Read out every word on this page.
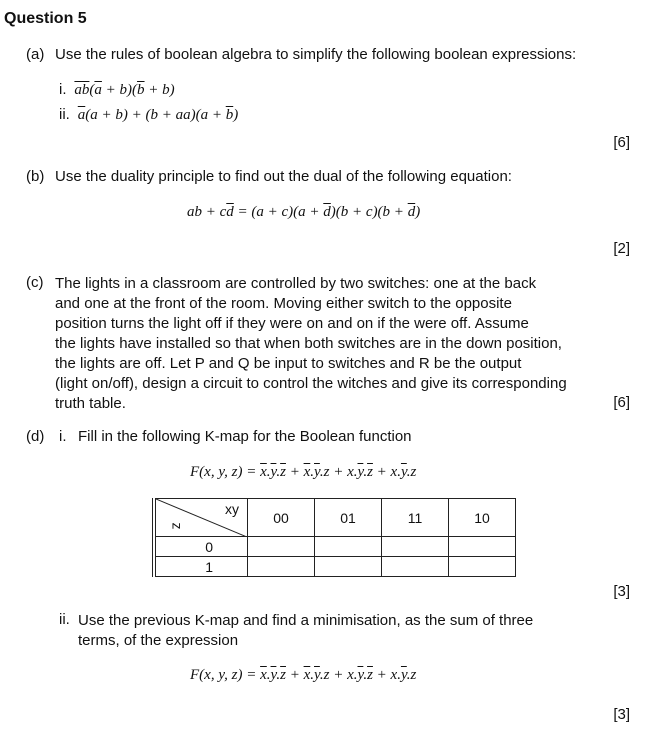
Question 5
(a) Use the rules of boolean algebra to simplify the following boolean expressions:
i. $\overline{ab}(\overline{a} + b)(\overline{b} + b)$
ii. $\overline{a}(a + b) + (b + aa)(a + \overline{b})$
[6]
(b) Use the duality principle to find out the dual of the following equation:
ab + $c\overline{d} = (a + c)(a + \overline{d})(b + c)(b + \overline{d})$
[2]
(c) The lights in a classroom are controlled by two switches: one at the back
and one at the front of the room. Moving either switch to the opposite
position turns the light off if they were on and on if the were off. Assume
the lights have installed so that when both switches are in the down position,
the lights are off. Let P and Q be input to switches and R be the output
(light on/off), design a circuit to control the witches and give its corresponding
truth table.	[6]
(d) i. Fill in the following K-map for the Boolean function
F(x, y, $z) = \overline{x}.\overline{y}.\overline{z} + \overline{x}.\overline{y}.z + x.\overline{y}.\overline{z} + x.\overline{y}.z$
xy
z	00	01	11	10
0				
1				
[3]
ii. Use the previous K-map and find a minimisation, as the sum of three
terms, of the expression
F(x, y, $z) = \overline{x}.\overline{y}.\overline{z} + \overline{x}.\overline{y}.z + x.\overline{y}.\overline{z} + x.\overline{y}.z$
[3]
